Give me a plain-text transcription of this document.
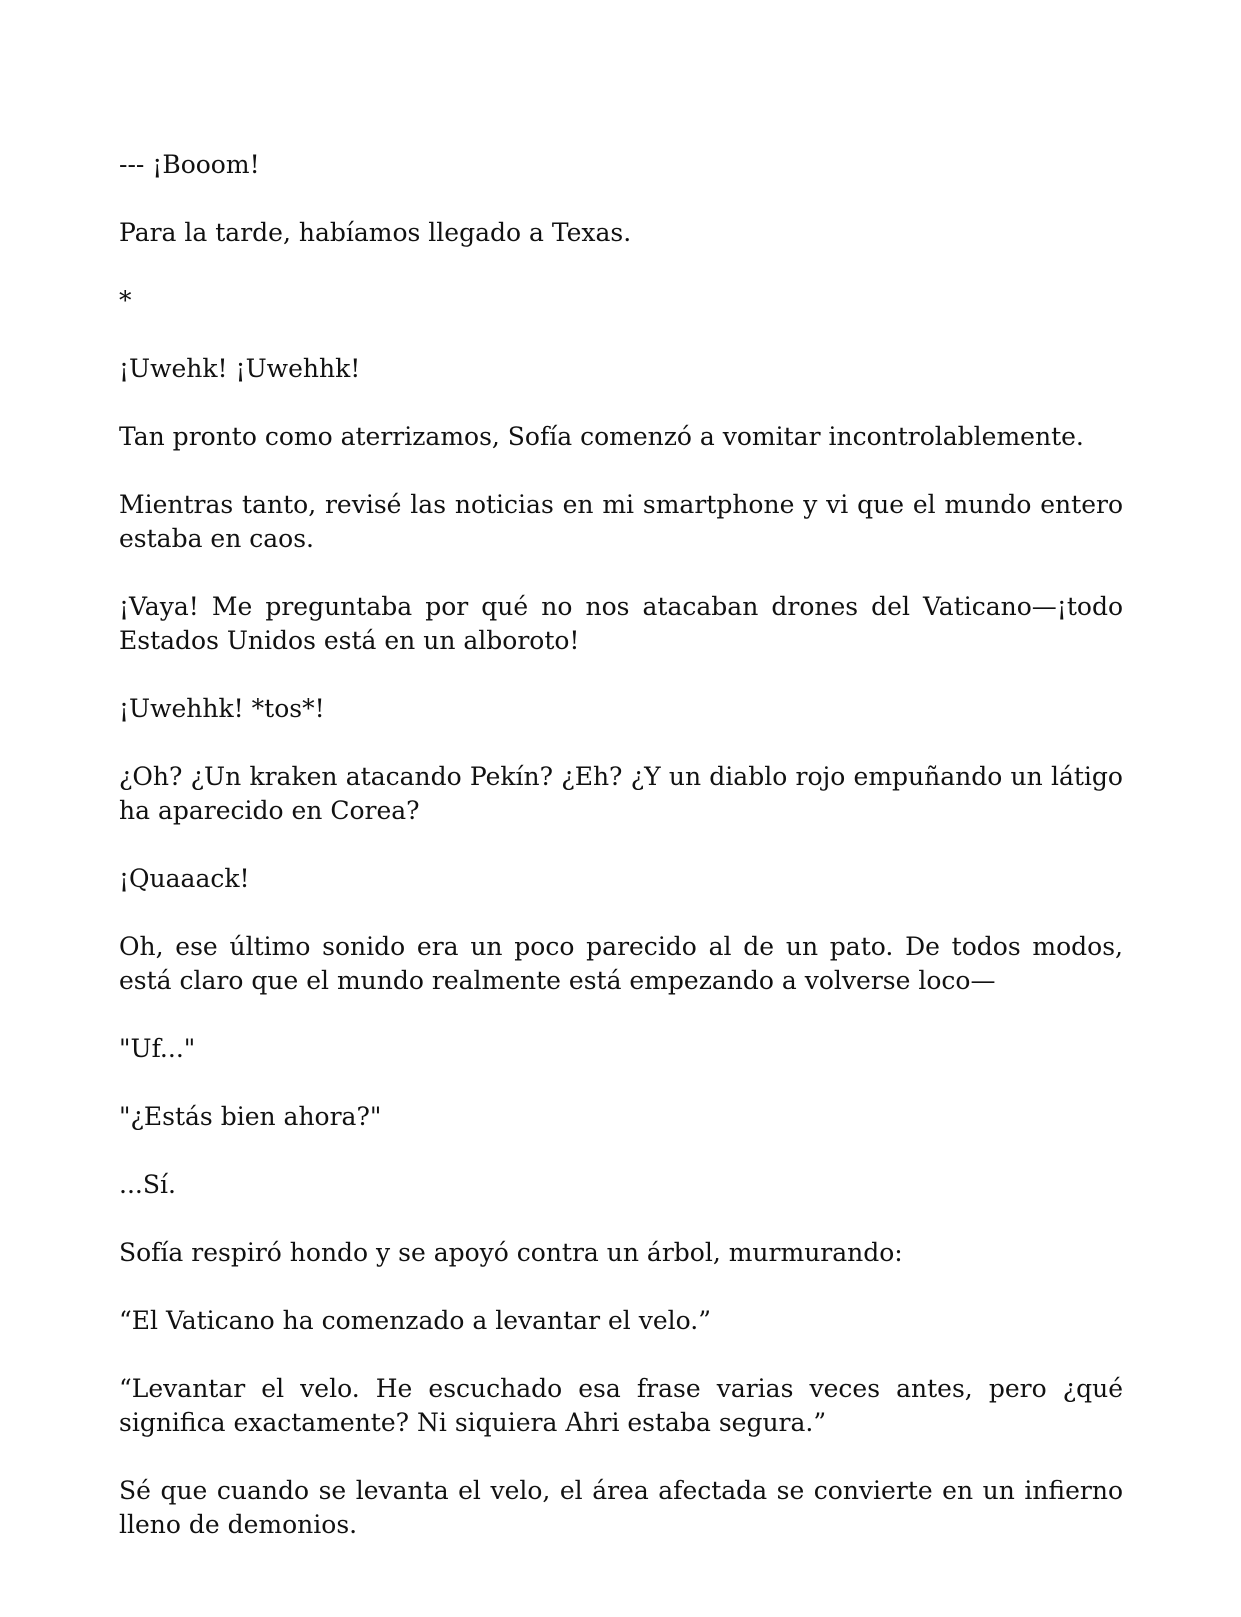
--- ¡Booom!

Para la tarde, habíamos llegado a Texas.

*

¡Uwehk! ¡Uwehhk!

Tan pronto como aterrizamos, Sofía comenzó a vomitar incontrolablemente.

Mientras tanto, revisé las noticias en mi smartphone y vi que el mundo entero estaba en caos.

¡Vaya! Me preguntaba por qué no nos atacaban drones del Vaticano—¡todo Estados Unidos está en un alboroto!

¡Uwehhk! *tos*!

¿Oh? ¿Un kraken atacando Pekín? ¿Eh? ¿Y un diablo rojo empuñando un látigo ha aparecido en Corea?

¡Quaaack!

Oh, ese último sonido era un poco parecido al de un pato. De todos modos, está claro que el mundo realmente está empezando a volverse loco—

"Uf..."

"¿Estás bien ahora?"

...Sí.

Sofía respiró hondo y se apoyó contra un árbol, murmurando:

“El Vaticano ha comenzado a levantar el velo.”

“Levantar el velo. He escuchado esa frase varias veces antes, pero ¿qué significa exactamente? Ni siquiera Ahri estaba segura.”

Sé que cuando se levanta el velo, el área afectada se convierte en un infierno lleno de demonios.
